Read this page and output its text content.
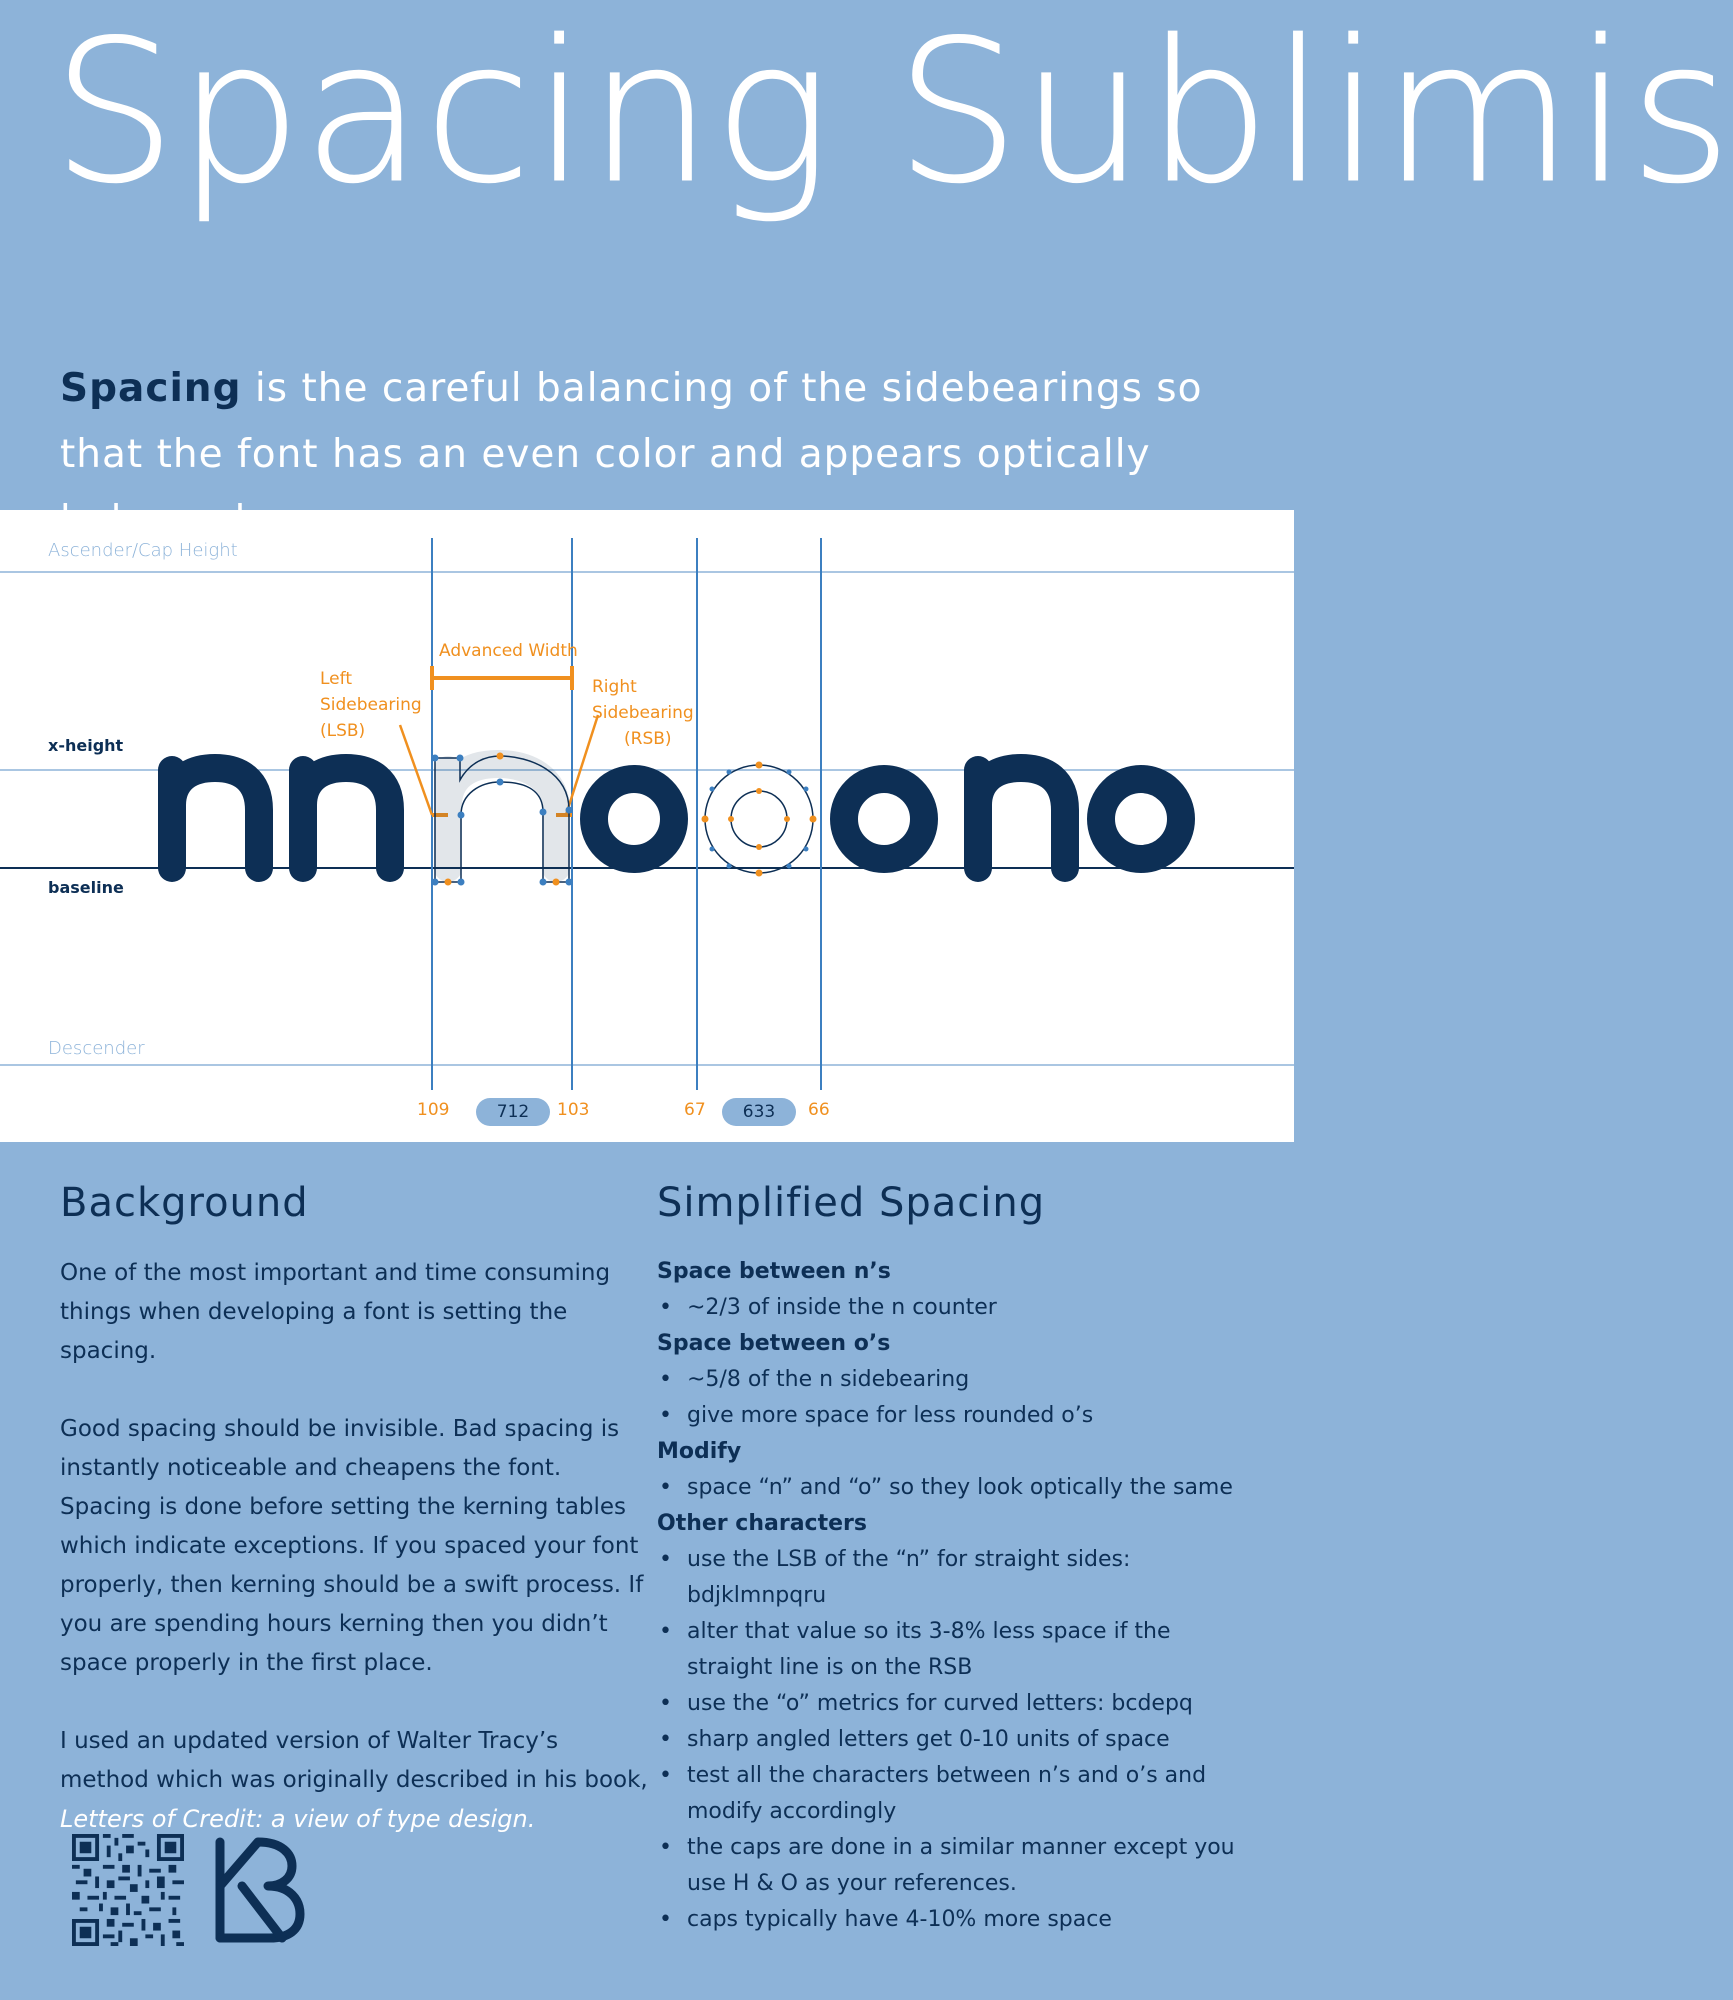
Spacing Sublimis
Spacing is the careful balancing of the sidebearings so that the font has an even color and appears optically
Ascender/Cap Height
x-height
baseline
Descender
Advanced Width
Left
Sidebearing
(LSB)
Right
Sidebearing
(RSB)
109	712	103	67	633	66
Background

One of the most important and time consuming things when developing a font is setting the spacing.

Good spacing should be invisible. Bad spacing is instantly noticeable and cheapens the font. Spacing is done before setting the kerning tables which indicate exceptions. If you spaced your font properly, then kerning should be a swift process. If you are spending hours kerning then you didn’t space properly in the first place.

I used an updated version of Walter Tracy’s method which was originally described in his book, Letters of Credit: a view of type design.
Simplified Spacing
Space between n’s
• ~2/3 of inside the n counter
Space between o’s
• ~5/8 of the n sidebearing
• give more space for less rounded o’s
Modify
• space “n” and “o” so they look optically the same
Other characters
• use the LSB of the “n” for straight sides: bdjklmnpqru
• alter that value so its 3-8% less space if the straight line is on the RSB
• use the “o” metrics for curved letters: bcdepq
• sharp angled letters get 0-10 units of space
• test all the characters between n’s and o’s and modify accordingly
• the caps are done in a similar manner except you use H & O as your references.
• caps typically have 4-10% more space
